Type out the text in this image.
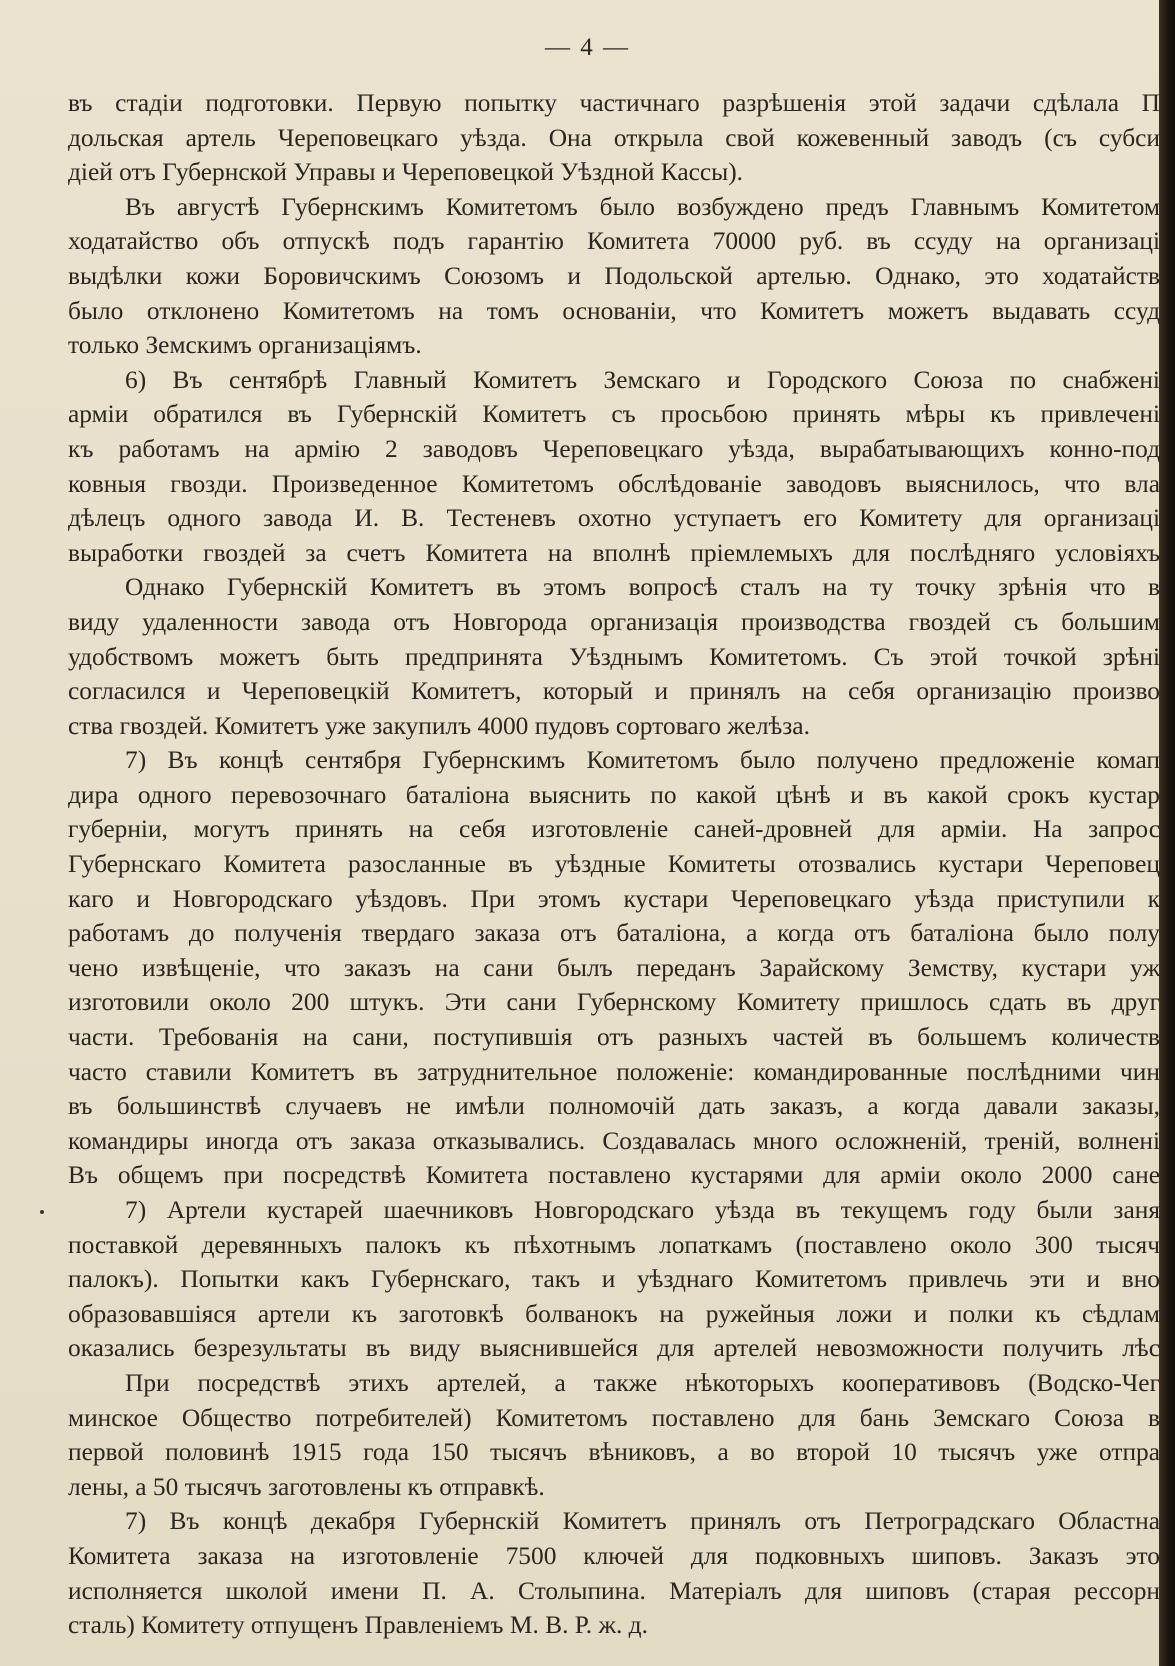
— 4 —
въ стадіи подготовки. Первую попытку частичнаго разрѣшенія этой задачи сдѣлала П
дольская артель Череповецкаго уѣзда. Она открыла свой кожевенный заводъ (съ субси
діей отъ Губернской Управы и Череповецкой Уѣздной Кассы).
Въ августѣ Губернскимъ Комитетомъ было возбуждено предъ Главнымъ Комитетом
ходатайство объ отпускѣ подъ гарантію Комитета 70000 руб. въ ссуду на организаці
выдѣлки кожи Боровичскимъ Союзомъ и Подольской артелью. Однако, это ходатайств
было отклонено Комитетомъ на томъ основаніи, что Комитетъ можетъ выдавать ссуд
только Земскимъ организаціямъ.
6) Въ сентябрѣ Главный Комитетъ Земскаго и Городского Союза по снабжені
арміи обратился въ Губернскій Комитетъ съ просьбою принять мѣры къ привлечені
къ работамъ на армію 2 заводовъ Череповецкаго уѣзда, вырабатывающихъ конно-под
ковныя гвозди. Произведенное Комитетомъ обслѣдованіе заводовъ выяснилось, что вла
дѣлецъ одного завода И. В. Тестеневъ охотно уступаетъ его Комитету для организаці
выработки гвоздей за счетъ Комитета на вполнѣ пріемлемыхъ для послѣдняго условіяхъ
Однако Губернскій Комитетъ въ этомъ вопросѣ сталъ на ту точку зрѣнія что в
виду удаленности завода отъ Новгорода организація производства гвоздей съ большим
удобствомъ можетъ быть предпринята Уѣзднымъ Комитетомъ. Съ этой точкой зрѣні
согласился и Череповецкій Комитетъ, который и принялъ на себя организацію произво
ства гвоздей. Комитетъ уже закупилъ 4000 пудовъ сортоваго желѣза.
7) Въ концѣ сентября Губернскимъ Комитетомъ было получено предложеніе комап
дира одного перевозочнаго баталіона выяснить по какой цѣнѣ и въ какой срокъ кустар
губерніи, могутъ принять на себя изготовленіе саней-дровней для арміи. На запрос
Губернскаго Комитета разосланные въ уѣздные Комитеты отозвались кустари Череповец
каго и Новгородскаго уѣздовъ. При этомъ кустари Череповецкаго уѣзда приступили к
работамъ до полученія твердаго заказа отъ баталіона, а когда отъ баталіона было полу
чено извѣщеніе, что заказъ на сани былъ переданъ Зарайскому Земству, кустари уж
изготовили около 200 штукъ. Эти сани Губернскому Комитету пришлось сдать въ друг
части. Требованія на сани, поступившія отъ разныхъ частей въ большемъ количеств
часто ставили Комитетъ въ затруднительное положеніе: командированные послѣдними чин
въ большинствѣ случаевъ не имѣли полномочій дать заказъ, а когда давали заказы,
командиры иногда отъ заказа отказывались. Создавалась много осложненій, треній, волнені
Въ общемъ при посредствѣ Комитета поставлено кустарями для арміи около 2000 сане
7) Артели кустарей шаечниковъ Новгородскаго уѣзда въ текущемъ году были заня
поставкой деревянныхъ палокъ къ пѣхотнымъ лопаткамъ (поставлено около 300 тысяч
палокъ). Попытки какъ Губернскаго, такъ и уѣзднаго Комитетомъ привлечь эти и вно
образовавшіяся артели къ заготовкѣ болванокъ на ружейныя ложи и полки къ сѣдлам
оказались безрезультаты въ виду выяснившейся для артелей невозможности получить лѣс
При посредствѣ этихъ артелей, а также нѣкоторыхъ кооперативовъ (Водско-Чег
минское Общество потребителей) Комитетомъ поставлено для бань Земскаго Союза в
первой половинѣ 1915 года 150 тысячъ вѣниковъ, а во второй 10 тысячъ уже отпра
лены, а 50 тысячъ заготовлены къ отправкѣ.
7) Въ концѣ декабря Губернскій Комитетъ принялъ отъ Петроградскаго Областна
Комитета заказа на изготовленіе 7500 ключей для подковныхъ шиповъ. Заказъ это
исполняется школой имени П. А. Столыпина. Матеріалъ для шиповъ (старая рессорн
сталь) Комитету отпущенъ Правленіемъ М. В. Р. ж. д.
